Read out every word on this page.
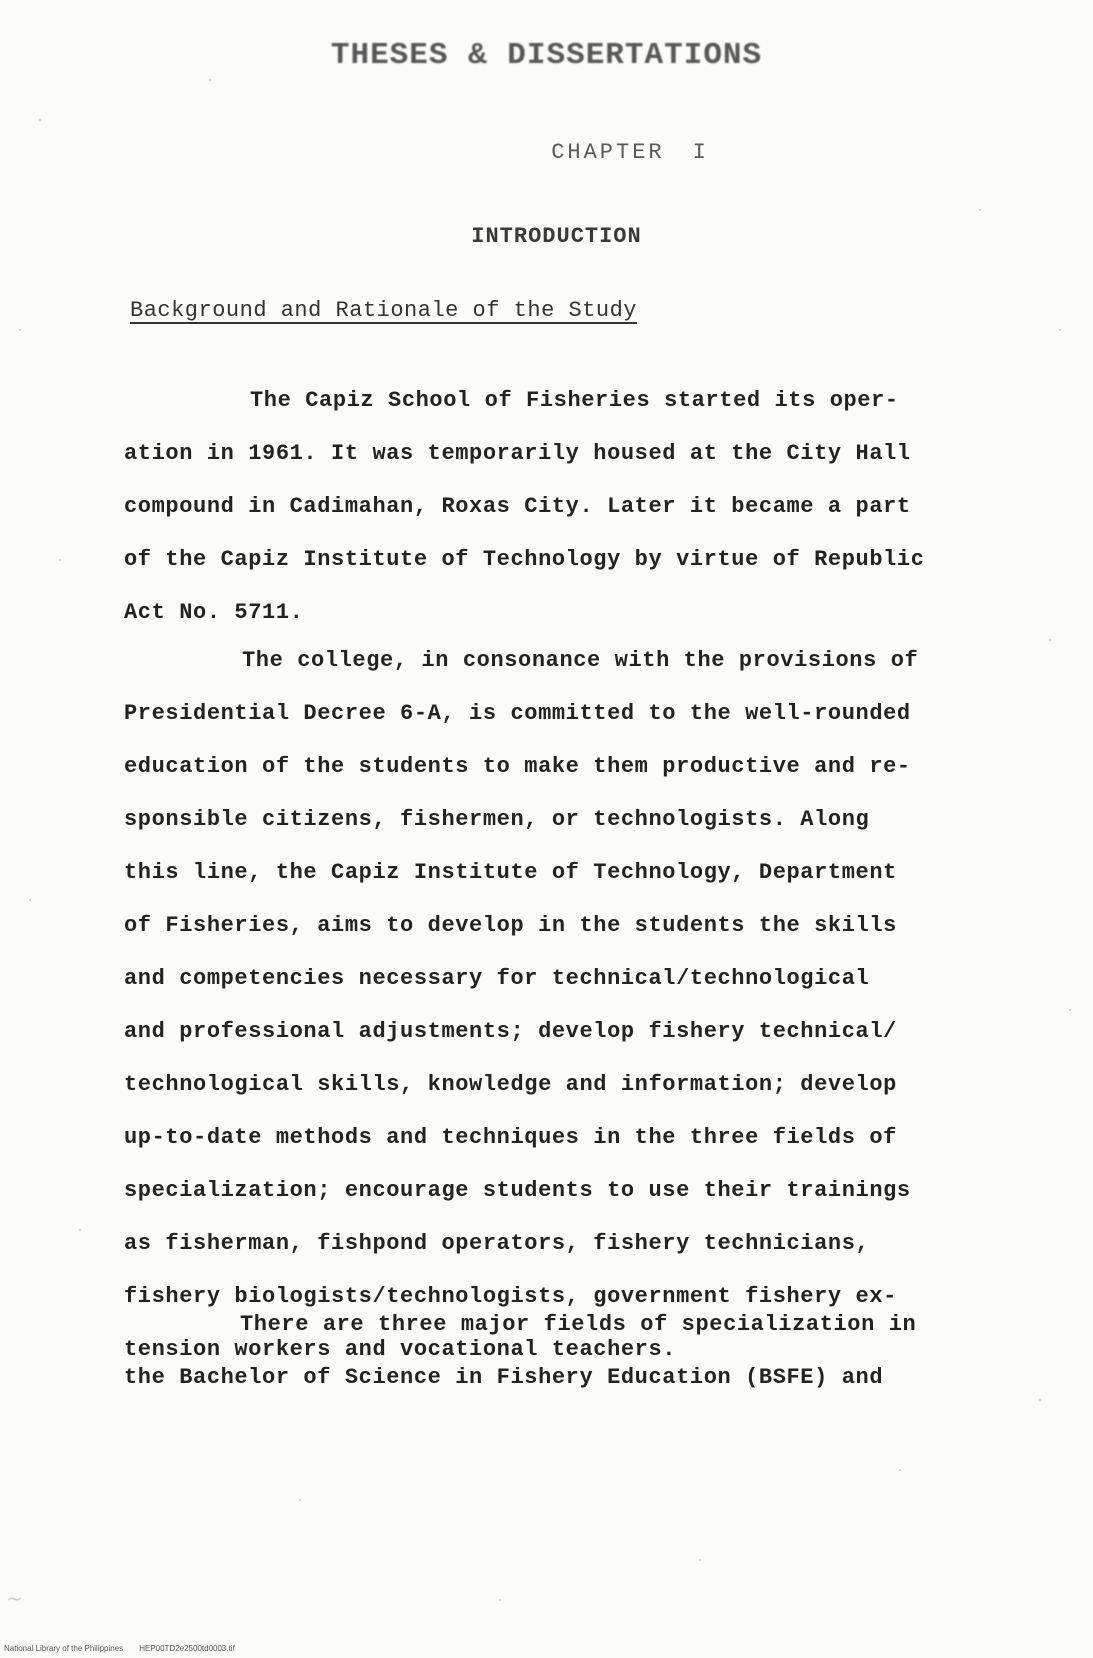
THESES & DISSERTATIONS
CHAPTER I
INTRODUCTION
Background and Rationale of the Study
The Capiz School of Fisheries started its oper-
ation in 1961. It was temporarily housed at the City Hall
compound in Cadimahan, Roxas City. Later it became a part
of the Capiz Institute of Technology by virtue of Republic
Act No. 5711.
The college, in consonance with the provisions of
Presidential Decree 6-A, is committed to the well-rounded
education of the students to make them productive and re-
sponsible citizens, fishermen, or technologists. Along
this line, the Capiz Institute of Technology, Department
of Fisheries, aims to develop in the students the skills
and competencies necessary for technical/technological
and professional adjustments; develop fishery technical/
technological skills, knowledge and information; develop
up-to-date methods and techniques in the three fields of
specialization; encourage students to use their trainings
as fisherman, fishpond operators, fishery technicians,
fishery biologists/technologists, government fishery ex-
tension workers and vocational teachers.
There are three major fields of specialization in
the Bachelor of Science in Fishery Education (BSFE) and
~
National Library of the Philippines HEP00TD2e2500td0003.tif
